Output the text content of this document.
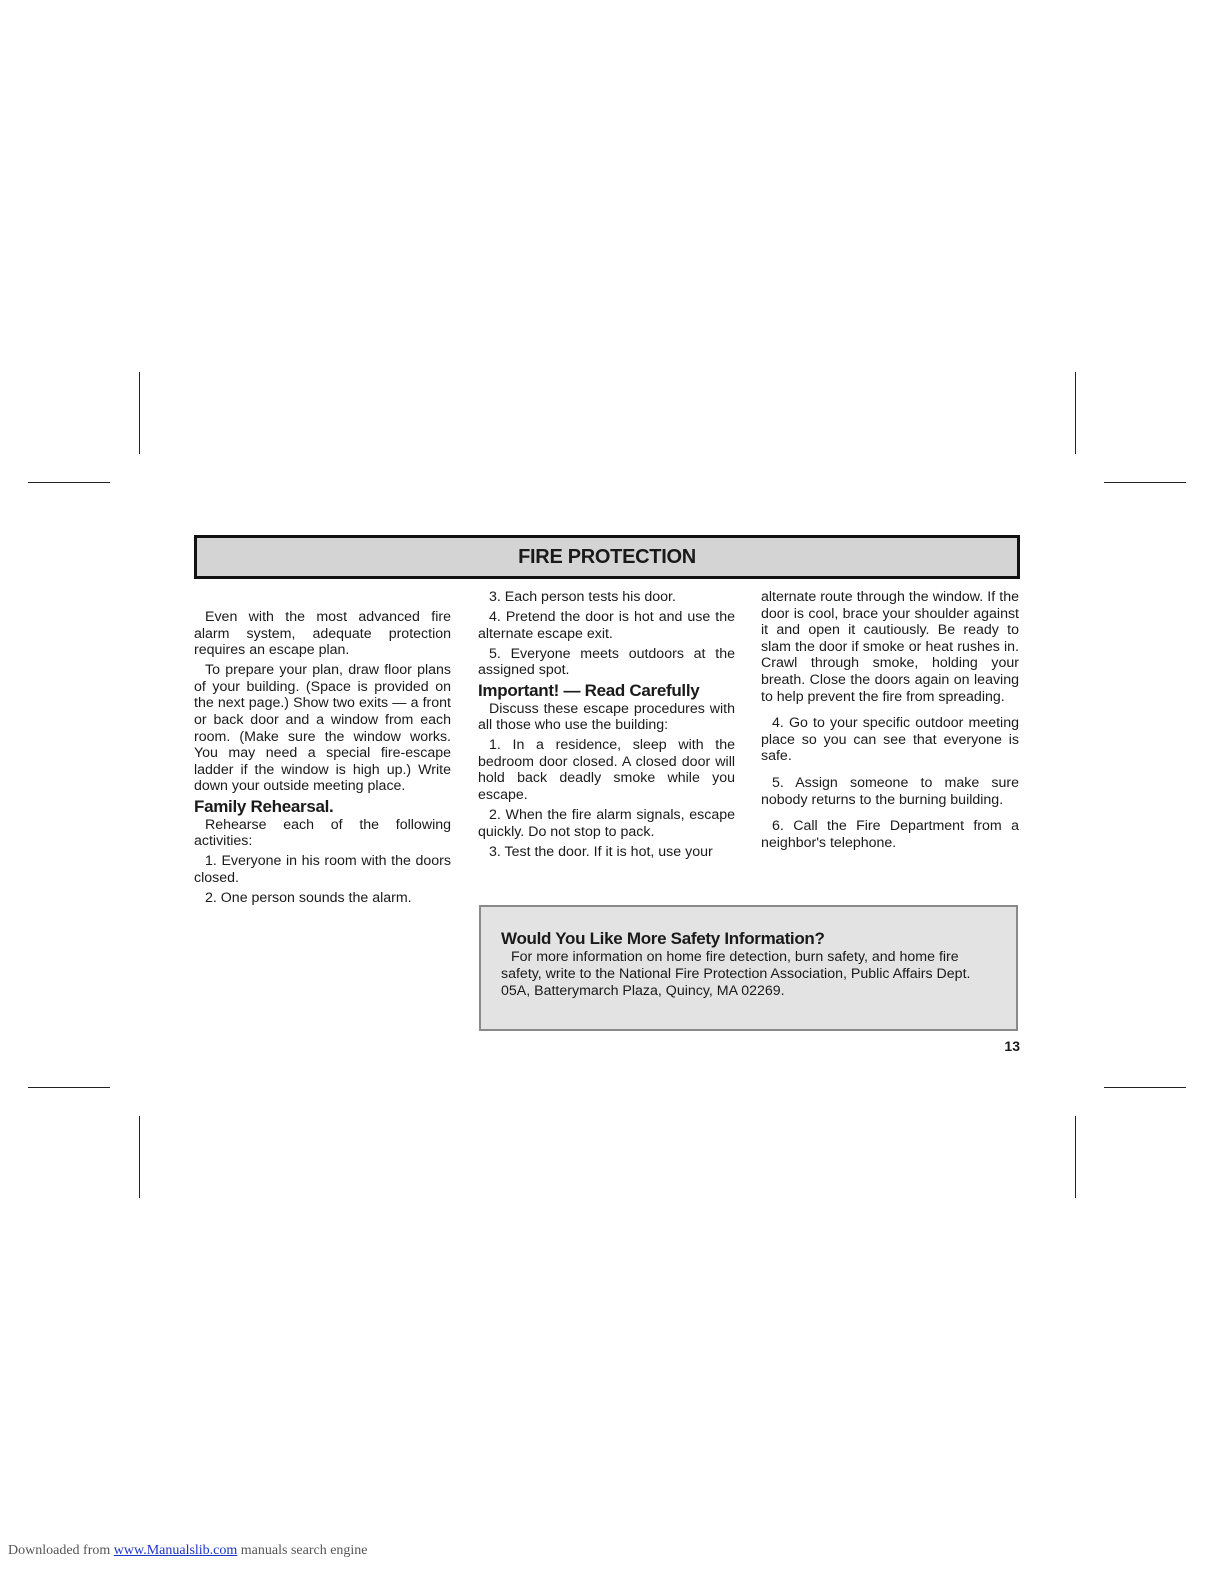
FIRE PROTECTION

Even with the most advanced fire alarm system, adequate protection requires an escape plan.

To prepare your plan, draw floor plans of your building. (Space is provided on the next page.) Show two exits — a front or back door and a window from each room. (Make sure the window works. You may need a special fire-escape ladder if the window is high up.) Write down your outside meeting place.

Family Rehearsal.

Rehearse each of the following activities:

1. Everyone in his room with the doors closed.

2. One person sounds the alarm.

3. Each person tests his door.

4. Pretend the door is hot and use the alternate escape exit.

5. Everyone meets outdoors at the assigned spot.

Important! — Read Carefully

Discuss these escape procedures with all those who use the building:

1. In a residence, sleep with the bedroom door closed. A closed door will hold back deadly smoke while you escape.

2. When the fire alarm signals, escape quickly. Do not stop to pack.

3. Test the door. If it is hot, use your

alternate route through the window. If the door is cool, brace your shoulder against it and open it cautiously. Be ready to slam the door if smoke or heat rushes in. Crawl through smoke, holding your breath. Close the doors again on leaving to help prevent the fire from spreading.

4. Go to your specific outdoor meeting place so you can see that everyone is safe.

5. Assign someone to make sure nobody returns to the burning building.

6. Call the Fire Department from a neighbor's telephone.

Would You Like More Safety Information?

For more information on home fire detection, burn safety, and home fire safety, write to the National Fire Protection Association, Public Affairs Dept. 05A, Batterymarch Plaza, Quincy, MA 02269.

13
Downloaded from www.Manualslib.com manuals search engine
